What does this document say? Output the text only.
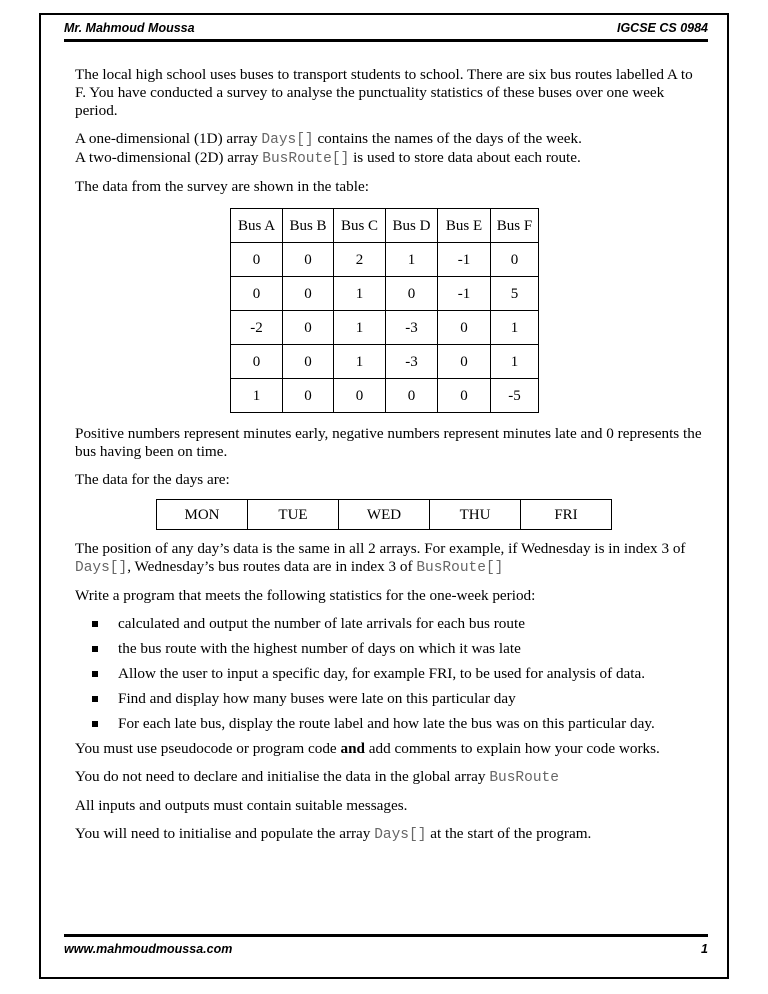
Mr. Mahmoud Moussa	IGCSE CS 0984

The local high school uses buses to transport students to school. There are six bus routes labelled A to F. You have conducted a survey to analyse the punctuality statistics of these buses over one week period.

A one-dimensional (1D) array Days[] contains the names of the days of the week.

A two-dimensional (2D) array BusRoute[] is used to store data about each route.

The data from the survey are shown in the table:

Bus A	Bus B	Bus C	Bus D	Bus E	Bus F
0	0	2	1	-1	0
0	0	1	0	-1	5
-2	0	1	-3	0	1
0	0	1	-3	0	1
1	0	0	0	0	-5

Positive numbers represent minutes early, negative numbers represent minutes late and 0 represents the bus having been on time.

The data for the days are:

MON	TUE	WED	THU	FRI

The position of any day’s data is the same in all 2 arrays. For example, if Wednesday is in index 3 of Days[], Wednesday’s bus routes data are in index 3 of BusRoute[]

Write a program that meets the following statistics for the one-week period:

calculated and output the number of late arrivals for each bus route
the bus route with the highest number of days on which it was late
Allow the user to input a specific day, for example FRI, to be used for analysis of data.
Find and display how many buses were late on this particular day
For each late bus, display the route label and how late the bus was on this particular day.

You must use pseudocode or program code and add comments to explain how your code works.

You do not need to declare and initialise the data in the global array BusRoute

All inputs and outputs must contain suitable messages.

You will need to initialise and populate the array Days[] at the start of the program.

www.mahmoudmoussa.com	1
